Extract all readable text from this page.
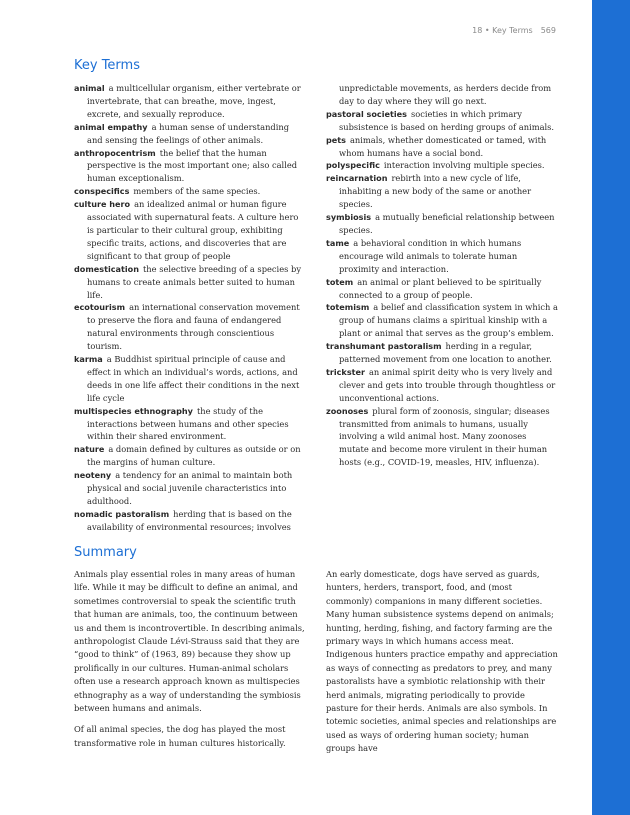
18 • Key Terms 569
Key Terms
animal a multicellular organism, either vertebrate or invertebrate, that can breathe, move, ingest, excrete, and sexually reproduce.
animal empathy a human sense of understanding and sensing the feelings of other animals.
anthropocentrism the belief that the human perspective is the most important one; also called human exceptionalism.
conspecifics members of the same species.
culture hero an idealized animal or human figure associated with supernatural feats. A culture hero is particular to their cultural group, exhibiting specific traits, actions, and discoveries that are significant to that group of people
domestication the selective breeding of a species by humans to create animals better suited to human life.
ecotourism an international conservation movement to preserve the flora and fauna of endangered natural environments through conscientious tourism.
karma a Buddhist spiritual principle of cause and effect in which an individual’s words, actions, and deeds in one life affect their conditions in the next life cycle
multispecies ethnography the study of the interactions between humans and other species within their shared environment.
nature a domain defined by cultures as outside or on the margins of human culture.
neoteny a tendency for an animal to maintain both physical and social juvenile characteristics into adulthood.
nomadic pastoralism herding that is based on the availability of environmental resources; involves
unpredictable movements, as herders decide from day to day where they will go next.
pastoral societies societies in which primary subsistence is based on herding groups of animals.
pets animals, whether domesticated or tamed, with whom humans have a social bond.
polyspecific interaction involving multiple species.
reincarnation rebirth into a new cycle of life, inhabiting a new body of the same or another species.
symbiosis a mutually beneficial relationship between species.
tame a behavioral condition in which humans encourage wild animals to tolerate human proximity and interaction.
totem an animal or plant believed to be spiritually connected to a group of people.
totemism a belief and classification system in which a group of humans claims a spiritual kinship with a plant or animal that serves as the group’s emblem.
transhumant pastoralism herding in a regular, patterned movement from one location to another.
trickster an animal spirit deity who is very lively and clever and gets into trouble through thoughtless or unconventional actions.
zoonoses plural form of zoonosis, singular; diseases transmitted from animals to humans, usually involving a wild animal host. Many zoonoses mutate and become more virulent in their human hosts (e.g., COVID-19, measles, HIV, influenza).
Summary

Animals play essential roles in many areas of human life. While it may be difficult to define an animal, and sometimes controversial to speak the scientific truth that human are animals, too, the continuum between us and them is incontrovertible. In describing animals, anthropologist Claude Lévi-Strauss said that they are “good to think” of (1963, 89) because they show up prolifically in our cultures. Human-animal scholars often use a research approach known as multispecies ethnography as a way of understanding the symbiosis between humans and animals.

Of all animal species, the dog has played the most transformative role in human cultures historically.

An early domesticate, dogs have served as guards, hunters, herders, transport, food, and (most commonly) companions in many different societies. Many human subsistence systems depend on animals; hunting, herding, fishing, and factory farming are the primary ways in which humans access meat. Indigenous hunters practice empathy and appreciation as ways of connecting as predators to prey, and many pastoralists have a symbiotic relationship with their herd animals, migrating periodically to provide pasture for their herds. Animals are also symbols. In totemic societies, animal species and relationships are used as ways of ordering human society; human groups have
